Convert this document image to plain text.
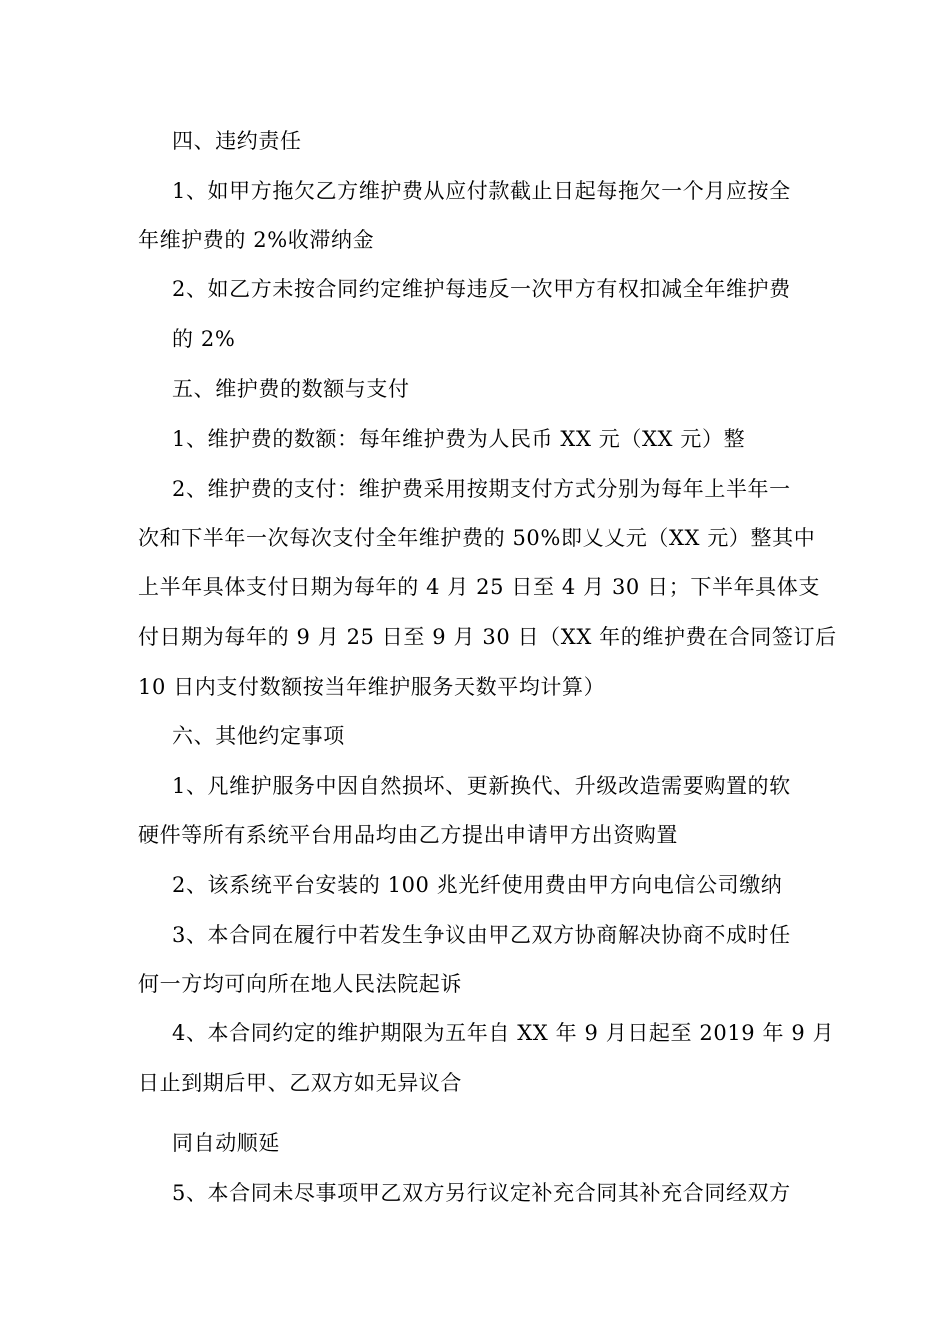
四、违约责任
1、如甲方拖欠乙方维护费从应付款截止日起每拖欠一个月应按全
年维护费的 2%收滞纳金
2、如乙方未按合同约定维护每违反一次甲方有权扣减全年维护费
的 2%
五、维护费的数额与支付
1、维护费的数额：每年维护费为人民币 XX 元（XX 元）整
2、维护费的支付：维护费采用按期支付方式分别为每年上半年一
次和下半年一次每次支付全年维护费的 50%即乂乂元（XX 元）整其中
上半年具体支付日期为每年的 4 月 25 日至 4 月 30 日；下半年具体支
付日期为每年的 9 月 25 日至 9 月 30 日（XX 年的维护费在合同签订后
10 日内支付数额按当年维护服务天数平均计算）
六、其他约定事项
1、凡维护服务中因自然损坏、更新换代、升级改造需要购置的软
硬件等所有系统平台用品均由乙方提出申请甲方出资购置
2、该系统平台安装的 100 兆光纤使用费由甲方向电信公司缴纳
3、本合同在履行中若发生争议由甲乙双方协商解决协商不成时任
何一方均可向所在地人民法院起诉
4、本合同约定的维护期限为五年自 XX 年 9 月日起至 2019 年 9 月
日止到期后甲、乙双方如无异议合
同自动顺延
5、本合同未尽事项甲乙双方另行议定补充合同其补充合同经双方
